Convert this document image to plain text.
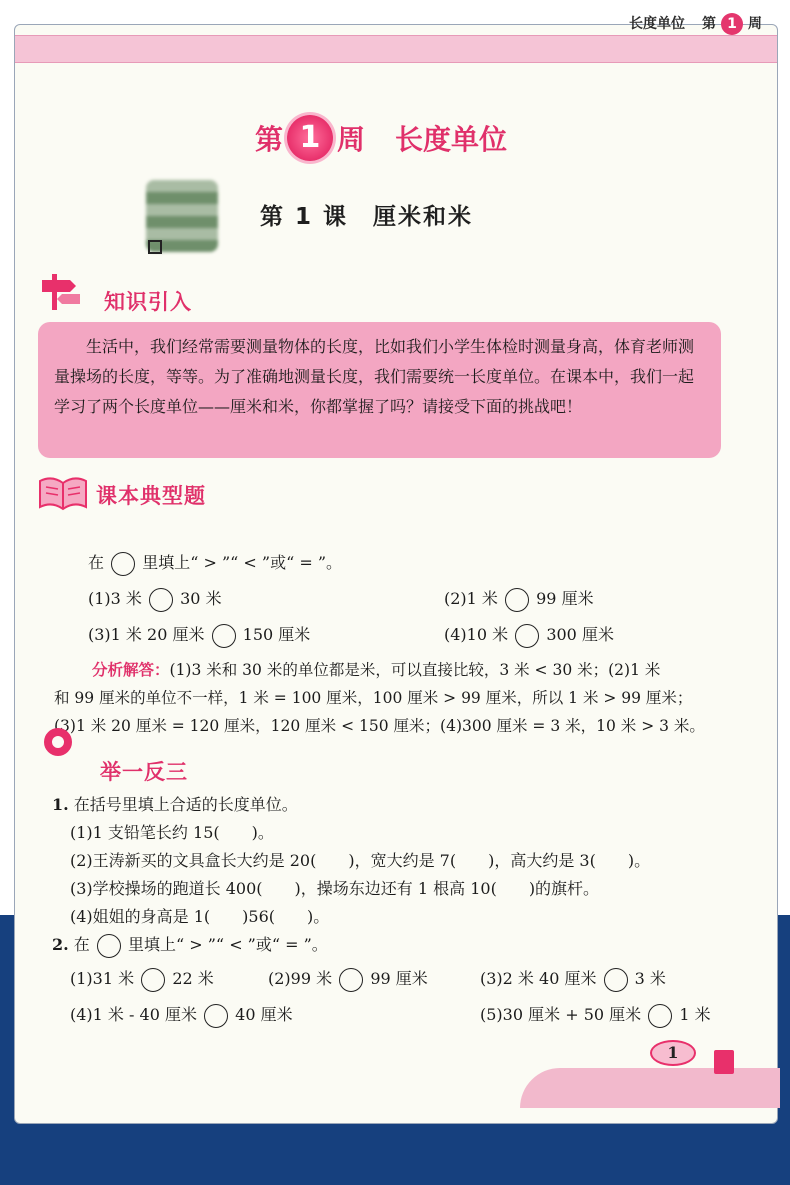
长度单位 第 1 周
第 1 周 长度单位
第 1 课　厘米和米
知识引入
生活中，我们经常需要测量物体的长度，比如我们小学生体检时测量身高，体育老师测量操场的长度，等等。为了准确地测量长度，我们需要统一长度单位。在课本中，我们一起学习了两个长度单位——厘米和米，你都掌握了吗？请接受下面的挑战吧！
课本典型题
在 里填上“ > ”“ < ”或“ = ”。
(1)3 米 30 米	(2)1 米 99 厘米
(3)1 米 20 厘米 150 厘米	(4)10 米 300 厘米
分析解答：(1)3 米和 30 米的单位都是米，可以直接比较，3 米 < 30 米；(2)1 米
和 99 厘米的单位不一样，1 米 = 100 厘米，100 厘米 > 99 厘米，所以 1 米 > 99 厘米；
(3)1 米 20 厘米 = 120 厘米，120 厘米 < 150 厘米；(4)300 厘米 = 3 米，10 米 > 3 米。
举一反三
1. 在括号里填上合适的长度单位。
(1)1 支铅笔长约 15(　　)。
(2)王涛新买的文具盒长大约是 20(　　)，宽大约是 7(　　)，高大约是 3(　　)。
(3)学校操场的跑道长 400(　　)，操场东边还有 1 根高 10(　　)的旗杆。
(4)姐姐的身高是 1(　　)56(　　)。
2. 在 里填上“ > ”“ < ”或“ = ”。
(1)31 米 22 米	(2)99 米 99 厘米	(3)2 米 40 厘米 3 米
(4)1 米 - 40 厘米 40 厘米	(5)30 厘米 + 50 厘米 1 米
1
